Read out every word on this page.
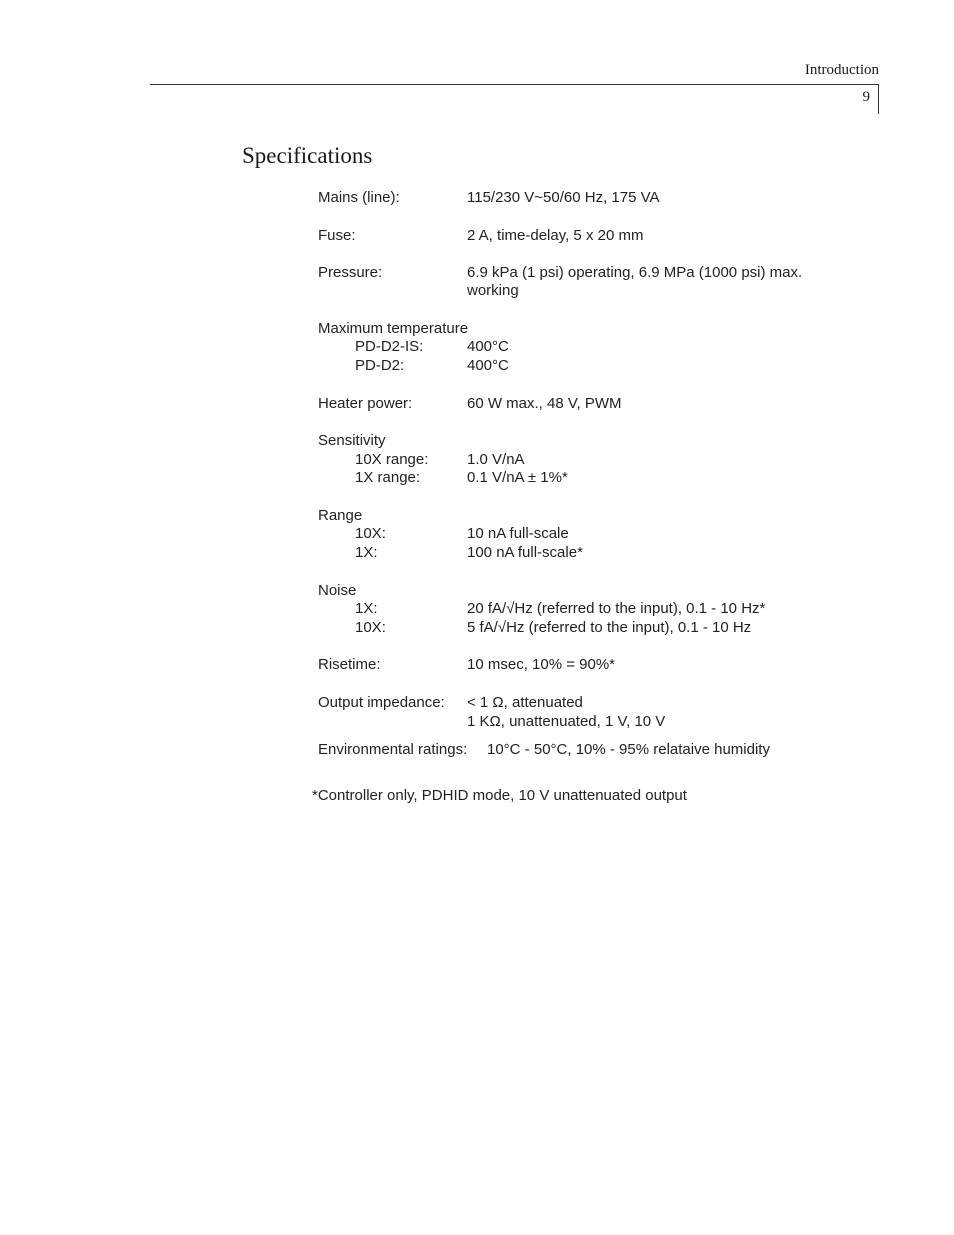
Introduction
9
Specifications
Mains (line):	115/230 V~50/60 Hz, 175 VA
Fuse:	2 A, time-delay, 5 x 20 mm
Pressure:	6.9 kPa (1 psi) operating, 6.9 MPa (1000 psi) max.
working
Maximum temperature
PD-D2-IS:	400°C
PD-D2:	400°C
Heater power:	60 W max., 48 V, PWM
Sensitivity
10X range:	1.0 V/nA
1X range:	0.1 V/nA ± 1%*
Range
10X:	10 nA full-scale
1X:	100 nA full-scale*
Noise
1X:	20 fA/√Hz (referred to the input), 0.1 - 10 Hz*
10X:	5 fA/√Hz (referred to the input), 0.1 - 10 Hz
Risetime:	10 msec, 10% = 90%*
Output impedance: < 1 Ω, attenuated
1 KΩ, unattenuated, 1 V, 10 V
Environmental ratings: 10°C - 50°C, 10% - 95% relataive humidity
*Controller only, PDHID mode, 10 V unattenuated output
